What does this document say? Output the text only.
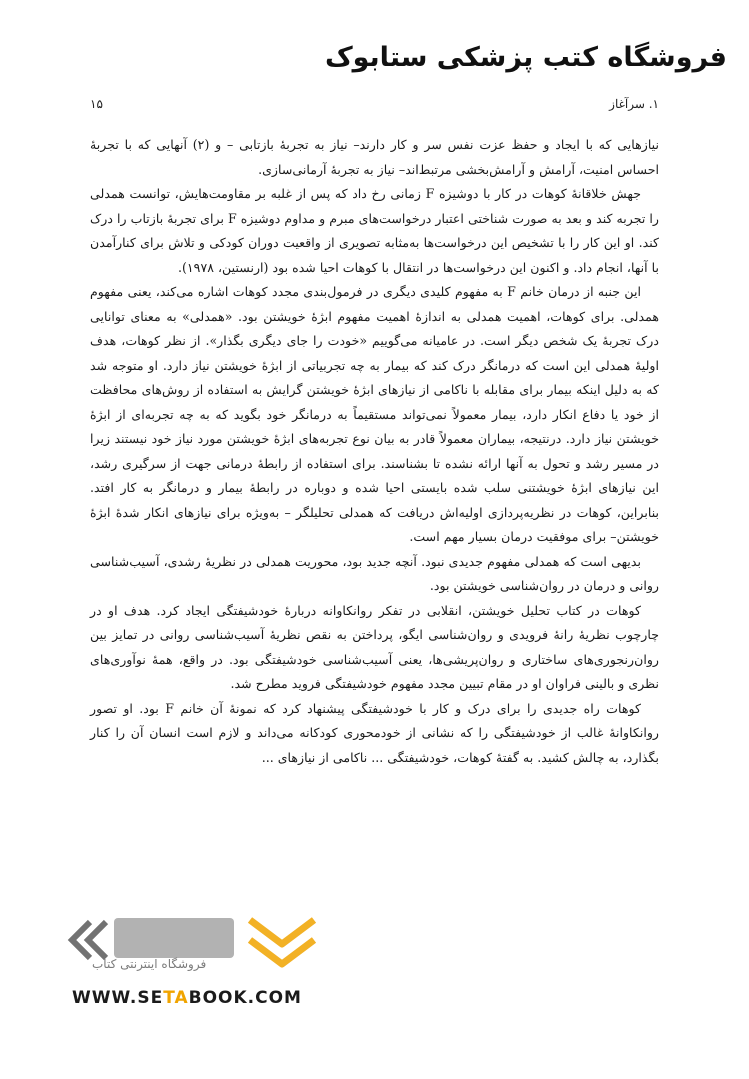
فروشگاه کتب پزشکی ستابوک
۱۵	۱. سرآغاز

نیازهایی که با ایجاد و حفظ عزت نفس سر و کار دارند– نیاز به تجربهٔ بازتابی – و (۲) آنهایی که با تجربهٔ احساس امنیت، آرامش و آرامش‌بخشی مرتبط‌اند– نیاز به تجربهٔ آرمانی‌سازی.

جهش خلاقانهٔ کوهات در کار با دوشیزه F زمانی رخ داد که پس از غلبه بر مقاومت‌هایش، توانست همدلی را تجربه کند و بعد به صورت شناختی اعتبار درخواست‌های مبرم و مداوم دوشیزه F برای تجربهٔ بازتاب را درک کند. او این کار را با تشخیص این درخواست‌ها به‌مثابه تصویری از واقعیت دوران کودکی و تلاش برای کنارآمدن با آنها، انجام داد. و اکنون این درخواست‌ها در انتقال با کوهات احیا شده بود (ارنستین، ۱۹۷۸).

این جنبه از درمان خانم F به مفهوم کلیدی دیگری در فرمول‌بندی مجدد کوهات اشاره می‌کند، یعنی مفهوم همدلی. برای کوهات، اهمیت همدلی به اندازهٔ اهمیت مفهوم ابژهٔ خویشتن بود. «همدلی» به معنای توانایی درک تجربهٔ یک شخص دیگر است. در عامیانه می‌گوییم «خودت را جای دیگری بگذار». از نظر کوهات، هدف اولیهٔ همدلی این است که درمانگر درک کند که بیمار به چه تجربیاتی از ابژهٔ خویشتن نیاز دارد. او متوجه شد که به دلیل اینکه بیمار برای مقابله با ناکامی از نیازهای ابژهٔ خویشتن گرایش به استفاده از روش‌های محافظت از خود یا دفاع انکار دارد، بیمار معمولاً نمی‌تواند مستقیماً به درمانگر خود بگوید که به چه تجربه‌ای از ابژهٔ خویشتن نیاز دارد. درنتیجه، بیماران معمولاً قادر به بیان نوع تجربه‌های ابژهٔ خویشتن مورد نیاز خود نیستند زیرا در مسیر رشد و تحول به آنها ارائه نشده تا بشناسند. برای استفاده از رابطهٔ درمانی جهت از سرگیری رشد، این نیازهای ابژهٔ خویشتنی سلب شده بایستی احیا شده و دوباره در رابطهٔ بیمار و درمانگر به کار افتد. بنابراین، کوهات در نظریه‌پردازی اولیه‌اش دریافت که همدلی تحلیلگر – به‌ویژه برای نیازهای انکار شدهٔ ابژهٔ خویشتن– برای موفقیت درمان بسیار مهم است.

بدیهی است که همدلی مفهوم جدیدی نبود. آنچه جدید بود، محوریت همدلی در نظریهٔ رشدی، آسیب‌شناسی روانی و درمان در روان‌شناسی خویشتن بود.

کوهات در کتاب تحلیل خویشتن، انقلابی در تفکر روانکاوانه دربارهٔ خودشیفتگی ایجاد کرد. هدف او در چارچوب نظریهٔ رانهٔ فرویدی و روان‌شناسی ایگو، پرداختن به نقص نظریهٔ آسیب‌شناسی روانی در تمایز بین روان‌رنجوری‌های ساختاری و روان‌پریشی‌ها، یعنی آسیب‌شناسی خودشیفتگی بود. در واقع، همهٔ نوآوری‌های نظری و بالینی فراوان او در مقام تبیین مجدد مفهوم خودشیفتگی فروید مطرح شد.

کوهات راه جدیدی را برای درک و کار با خودشیفتگی پیشنهاد کرد که نمونهٔ آن خانم F بود. او تصور روانکاوانهٔ غالب از خودشیفتگی را که نشانی از خودمحوری کودکانه می‌داند و لازم است انسان آن را کنار بگذارد، به چالش کشید. به گفتهٔ کوهات، خودشیفتگی ... ناکامی از نیازهای ...

فروشگاه اینترنتی کتاب
WWW.SETABOOK.COM
